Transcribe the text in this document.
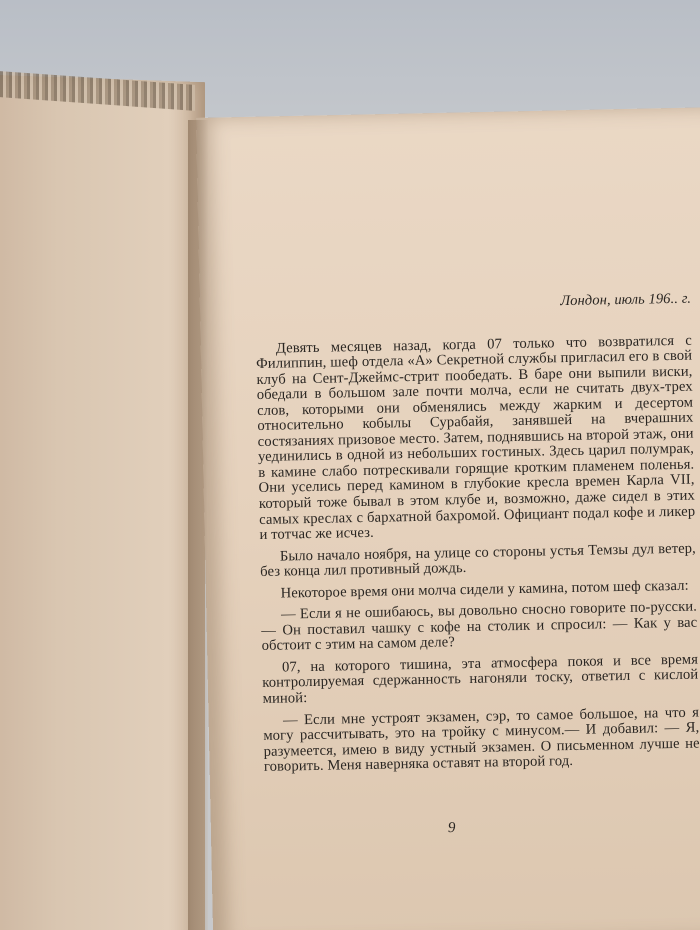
Лондон, июль 196.. г.

Девять месяцев назад, когда 07 только что возвратился с Филиппин, шеф отдела «А» Секретной службы пригласил его в свой клуб на Сент-Джеймс-стрит пообедать. В баре они выпили виски, обедали в большом зале почти молча, если не считать двух-трех слов, которыми они обменялись между жарким и десертом относительно кобылы Сурабайя, занявшей на вчерашних состязаниях призовое место. Затем, поднявшись на второй этаж, они уединились в одной из небольших гостиных. Здесь царил полумрак, в камине слабо потрескивали горящие кротким пламенем поленья. Они уселись перед камином в глубокие кресла времен Карла VII, который тоже бывал в этом клубе и, возможно, даже сидел в этих самых креслах с бархатной бахромой. Официант подал кофе и ликер и тотчас же исчез.

Было начало ноября, на улице со стороны устья Темзы дул ветер, без конца лил противный дождь.

Некоторое время они молча сидели у камина, потом шеф сказал:

— Если я не ошибаюсь, вы довольно сносно говорите по-русски.— Он поставил чашку с кофе на столик и спросил: — Как у вас обстоит с этим на самом деле?

07, на которого тишина, эта атмосфера покоя и все время контролируемая сдержанность нагоняли тоску, ответил с кислой миной:

— Если мне устроят экзамен, сэр, то самое большое, на что я могу рассчитывать, это на тройку с минусом.— И добавил: — Я, разумеется, имею в виду устный экзамен. О письменном лучше не говорить. Меня наверняка оставят на второй год.

9
